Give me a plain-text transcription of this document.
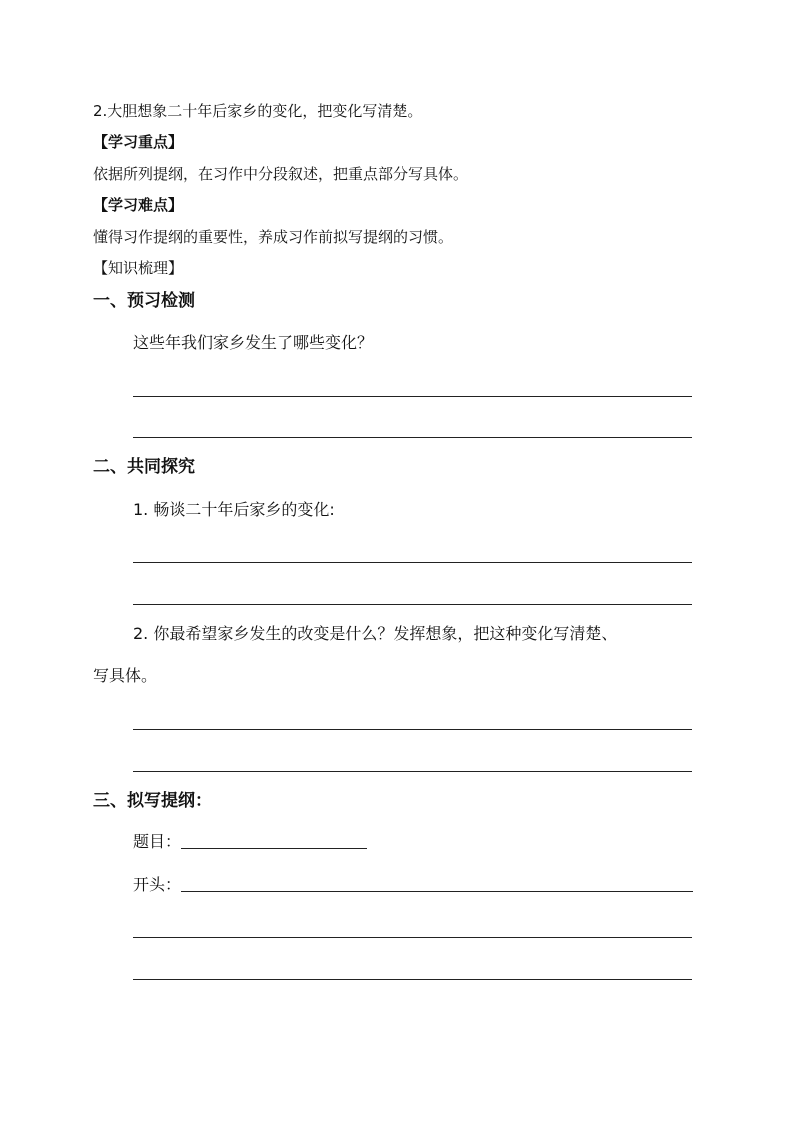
2.大胆想象二十年后家乡的变化，把变化写清楚。
【学习重点】
依据所列提纲，在习作中分段叙述，把重点部分写具体。
【学习难点】
懂得习作提纲的重要性，养成习作前拟写提纲的习惯。
【知识梳理】
一、预习检测
这些年我们家乡发生了哪些变化？
二、共同探究
1. 畅谈二十年后家乡的变化:
2. 你最希望家乡发生的改变是什么？发挥想象，把这种变化写清楚、
写具体。
三、拟写提纲：
题目：
开头：
